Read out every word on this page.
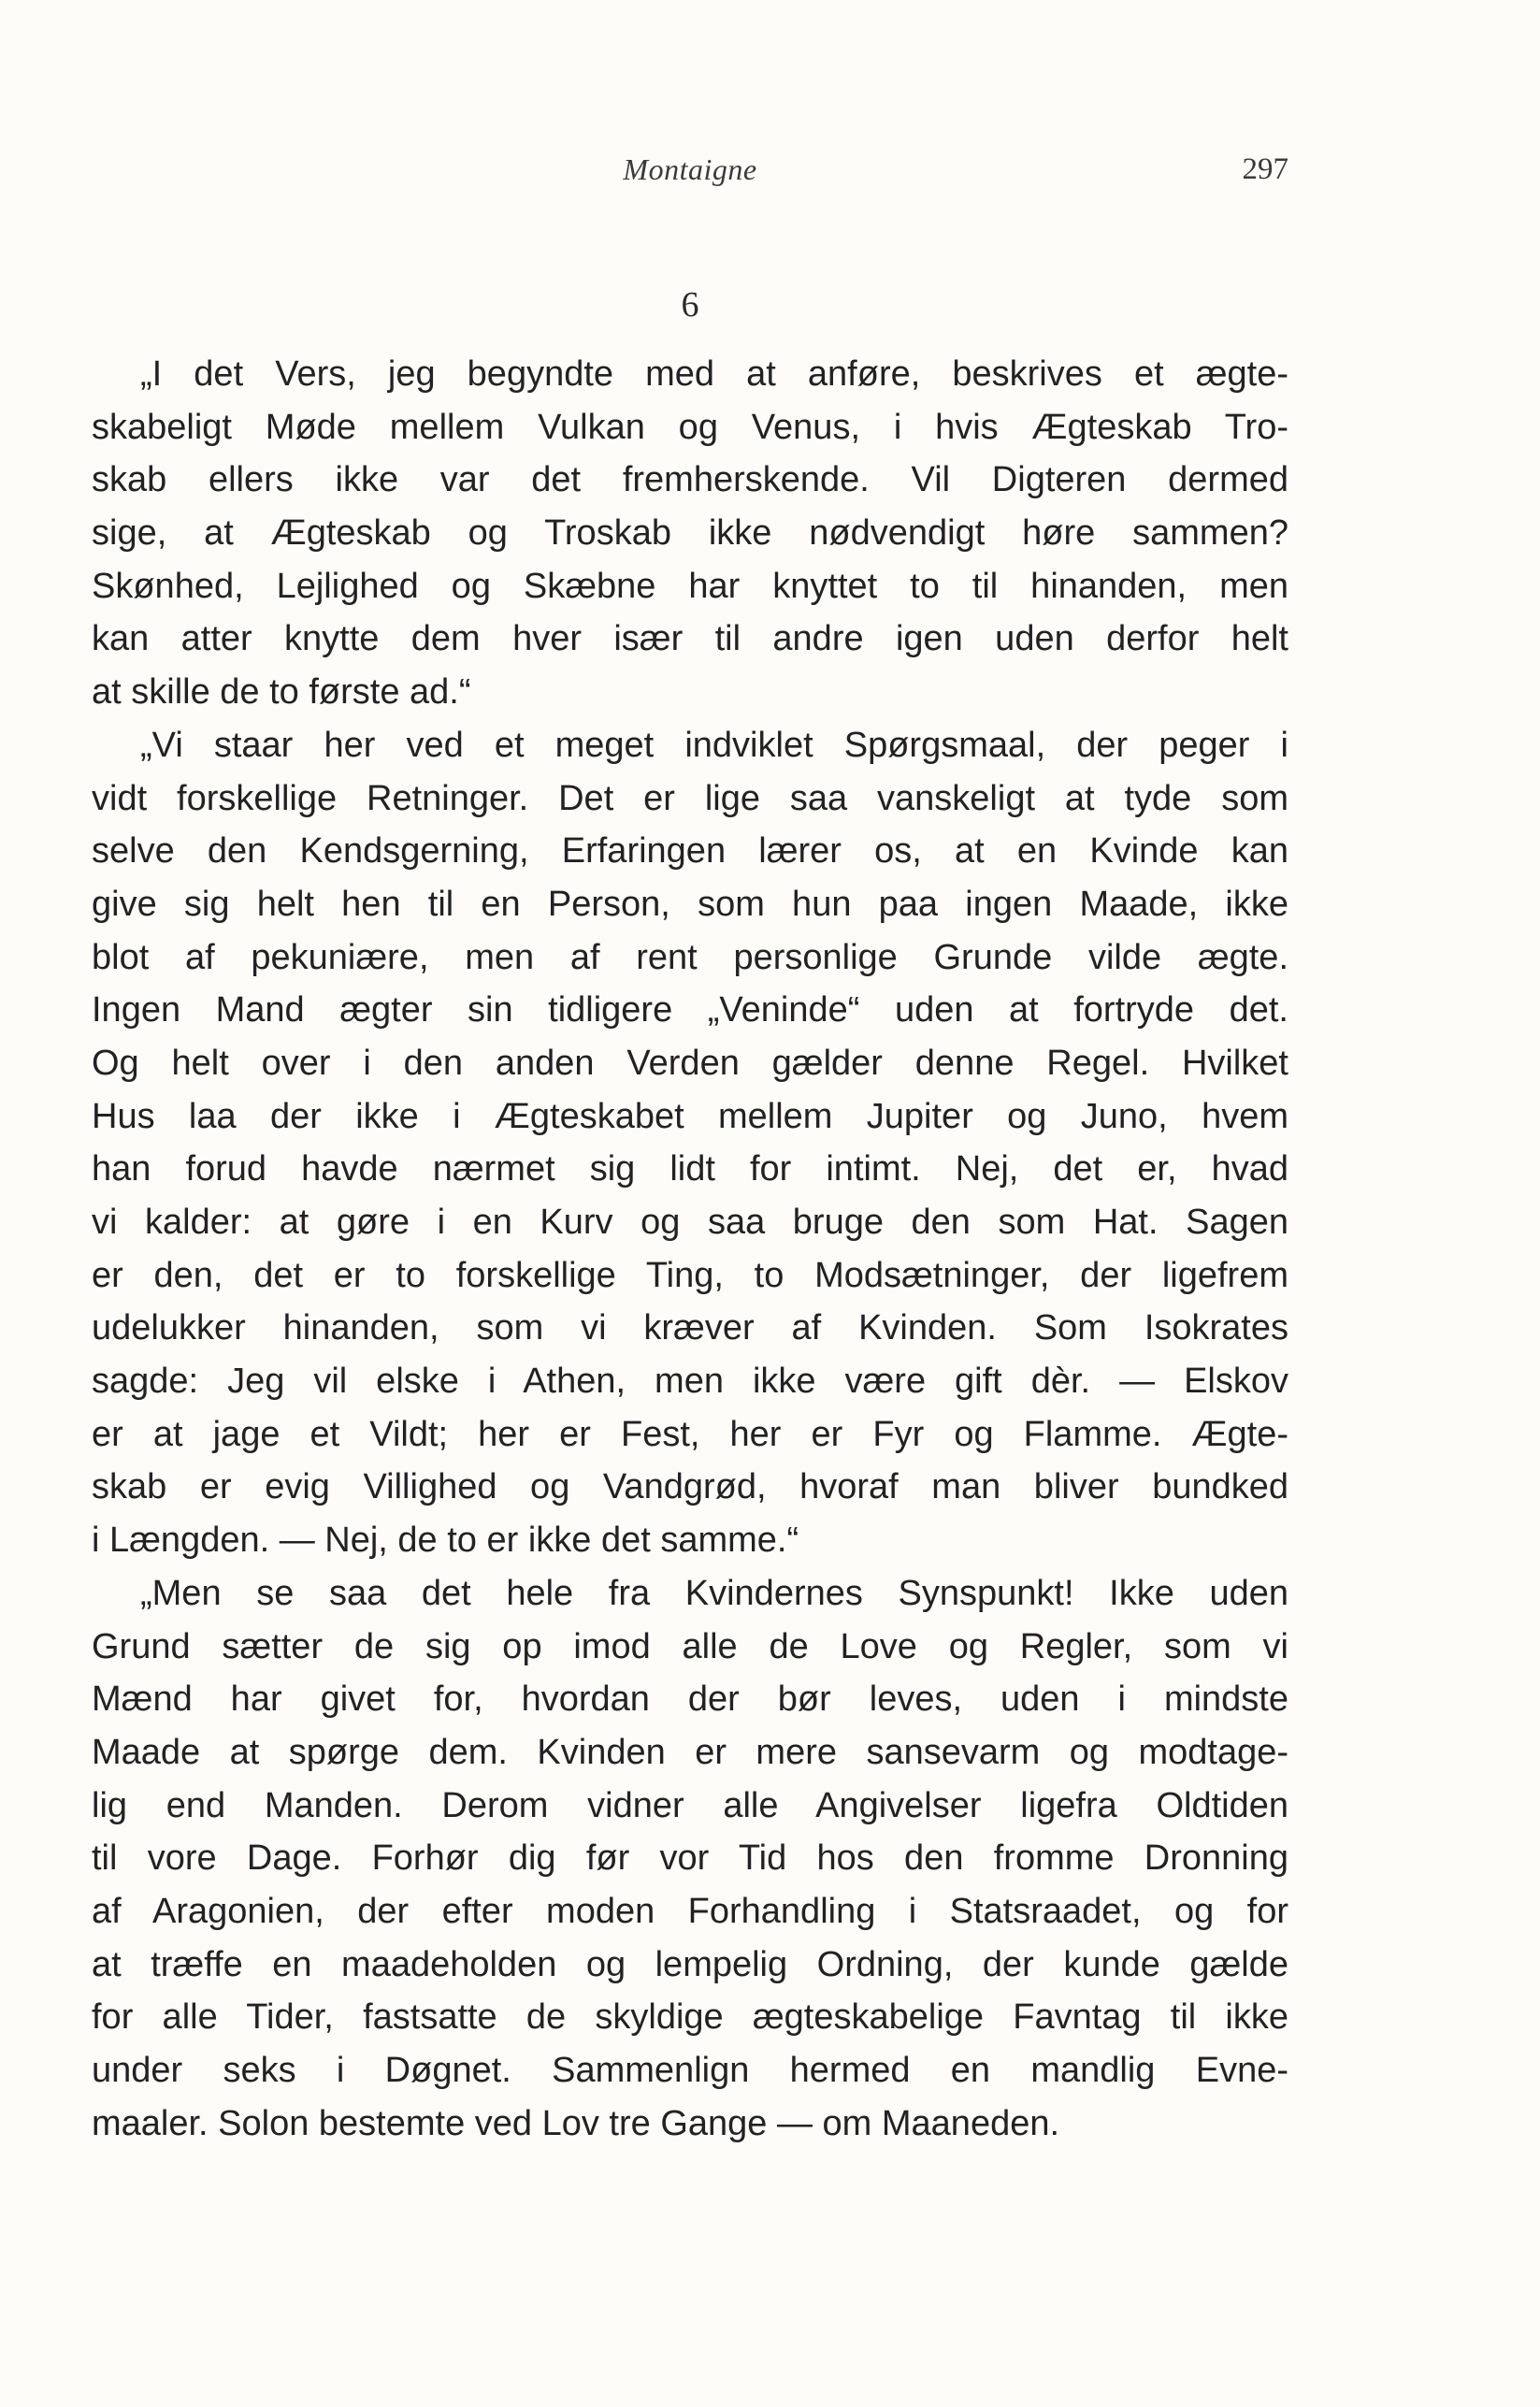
Montaigne	297
6
„I det Vers, jeg begyndte med at anføre, beskrives et ægte-
skabeligt Møde mellem Vulkan og Venus, i hvis Ægteskab Tro-
skab ellers ikke var det fremherskende. Vil Digteren dermed
sige, at Ægteskab og Troskab ikke nødvendigt høre sammen?
Skønhed, Lejlighed og Skæbne har knyttet to til hinanden, men
kan atter knytte dem hver især til andre igen uden derfor helt
at skille de to første ad.“
„Vi staar her ved et meget indviklet Spørgsmaal, der peger i
vidt forskellige Retninger. Det er lige saa vanskeligt at tyde som
selve den Kendsgerning, Erfaringen lærer os, at en Kvinde kan
give sig helt hen til en Person, som hun paa ingen Maade, ikke
blot af pekuniære, men af rent personlige Grunde vilde ægte.
Ingen Mand ægter sin tidligere „Veninde“ uden at fortryde det.
Og helt over i den anden Verden gælder denne Regel. Hvilket
Hus laa der ikke i Ægteskabet mellem Jupiter og Juno, hvem
han forud havde nærmet sig lidt for intimt. Nej, det er, hvad
vi kalder: at gøre i en Kurv og saa bruge den som Hat. Sagen
er den, det er to forskellige Ting, to Modsætninger, der ligefrem
udelukker hinanden, som vi kræver af Kvinden. Som Isokrates
sagde: Jeg vil elske i Athen, men ikke være gift dèr. — Elskov
er at jage et Vildt; her er Fest, her er Fyr og Flamme. Ægte-
skab er evig Villighed og Vandgrød, hvoraf man bliver bundked
i Længden. — Nej, de to er ikke det samme.“
„Men se saa det hele fra Kvindernes Synspunkt! Ikke uden
Grund sætter de sig op imod alle de Love og Regler, som vi
Mænd har givet for, hvordan der bør leves, uden i mindste
Maade at spørge dem. Kvinden er mere sansevarm og modtage-
lig end Manden. Derom vidner alle Angivelser ligefra Oldtiden
til vore Dage. Forhør dig før vor Tid hos den fromme Dronning
af Aragonien, der efter moden Forhandling i Statsraadet, og for
at træffe en maadeholden og lempelig Ordning, der kunde gælde
for alle Tider, fastsatte de skyldige ægteskabelige Favntag til ikke
under seks i Døgnet. Sammenlign hermed en mandlig Evne-
maaler. Solon bestemte ved Lov tre Gange — om Maaneden.
